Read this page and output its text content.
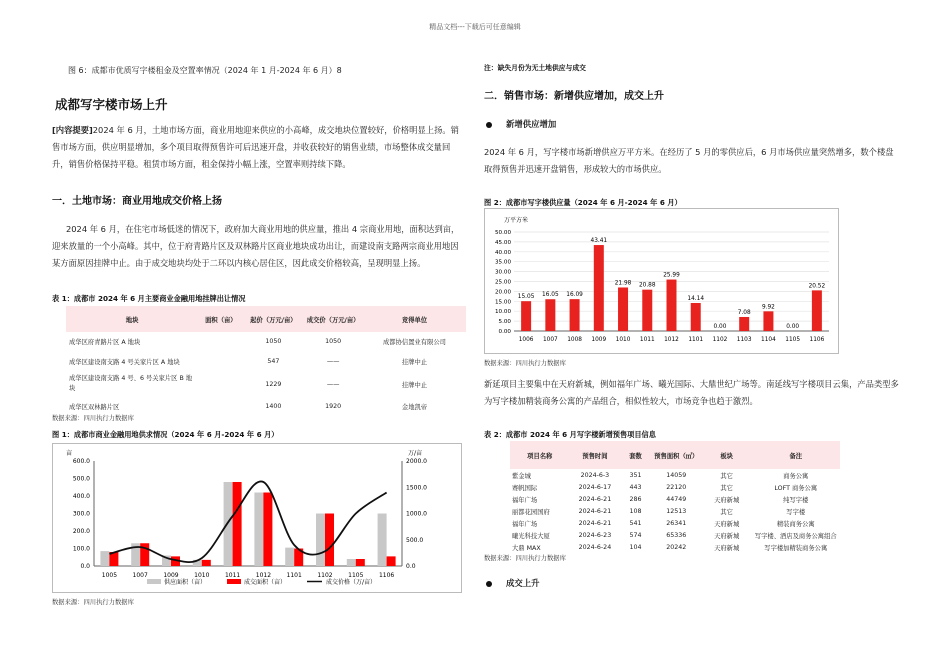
精品文档---下载后可任意编辑
图 6：成都市优质写字楼租金及空置率情况（2024 年 1 月-2024 年 6 月）8
成都写字楼市场上升
[内容提要]2024 年 6 月，土地市场方面，商业用地迎来供应的小高峰，成交地块位置较好，价格明显上扬。销售市场方面，供应明显增加，多个项目取得预售许可后迅速开盘，并收获较好的销售业绩，市场整体成交量回升，销售价格保持平稳。租赁市场方面，租金保持小幅上涨，空置率则持续下降。
一．土地市场：商业用地成交价格上扬
2024 年 6 月，在住宅市场低迷的情况下，政府加大商业用地的供应量，推出 4 宗商业用地，面积达到亩，迎来放量的一个小高峰。其中，位于府青路片区及双林路片区商业地块成功出让，而建设南支路两宗商业用地因某方面原因挂牌中止。由于成交地块均处于二环以内核心居住区，因此成交价格较高，呈现明显上扬。
表 1：成都市 2024 年 6 月主要商业金融用地挂牌出让情况
地块	面积（亩）	起价（万元/亩）	成交价（万元/亩）	竞得单位
成华区府青路片区 A 地块		1050	1050	成都协信置业有限公司
成华区建设南支路 4 号关家片区 A 地块		547	——	挂牌中止
成华区建设南支路 4 号、6 号关家片区 B 地块		1229	——	挂牌中止
成华区双林路片区		1400	1920	金地凯帝
数据来源：四川执行力数据库
图 1：成都市商业金融用地供求情况（2024 年 6 月-2024 年 6 月）
亩	万/亩
0.0
100.0
200.0
300.0
400.0
500.0
600.0
0.0
500.0
1000.0
1500.0
2000.0
1005	1007	1009	1010	1011	1012	1101	1102	1105	1106
供应面积（亩）	成交面积（亩）	成交价格（万/亩）
数据来源：四川执行力数据库
注：缺失月份为无土地供应与成交
二．销售市场：新增供应增加，成交上升
新增供应增加
2024 年 6 月，写字楼市场新增供应万平方米。在经历了 5 月的零供应后，6 月市场供应量突然增多，数个楼盘取得预售并迅速开盘销售，形成较大的市场供应。
图 2：成都市写字楼供应量（2024 年 6 月-2024 年 6 月）
万平方米
0.00
5.00
10.00
15.00
20.00
25.00
30.00
35.00
40.00
45.00
50.00
15.05
1006
16.05
1007
16.09
1008
43.41
1009
21.98
1010
20.88
1011
25.99
1012
14.14
1101
0.00
1102
7.08
1103
9.92
1104
0.00
1105
20.52
1106
数据来源：四川执行力数据库
新延项目主要集中在天府新城，例如福年广场、曦光国际、大鼎世纪广场等。南延线写字楼项目云集，产品类型多为写字楼加精装商务公寓的产品组合，相似性较大，市场竞争也趋于激烈。
表 2：成都市 2024 年 6 月写字楼新增预售项目信息
项目名称	预售时间	套数	预售面积（㎡）	板块	备注
紫金城	2024-6-3	351	14059	其它	商务公寓
赛帆国际	2024-6-17	443	22120	其它	LOFT 商务公寓
福年广场	2024-6-21	286	44749	天府新城	纯写字楼
丽都花园国府	2024-6-21	108	12513	其它	写字楼
福年广场	2024-6-21	541	26341	天府新城	精装商务公寓
曦光科技大厦	2024-6-23	574	65336	天府新城	写字楼、酒店及商务公寓组合
大鼎 MAX	2024-6-24	104	20242	天府新城	写字楼加精装商务公寓
数据来源：四川执行力数据库
成交上升
